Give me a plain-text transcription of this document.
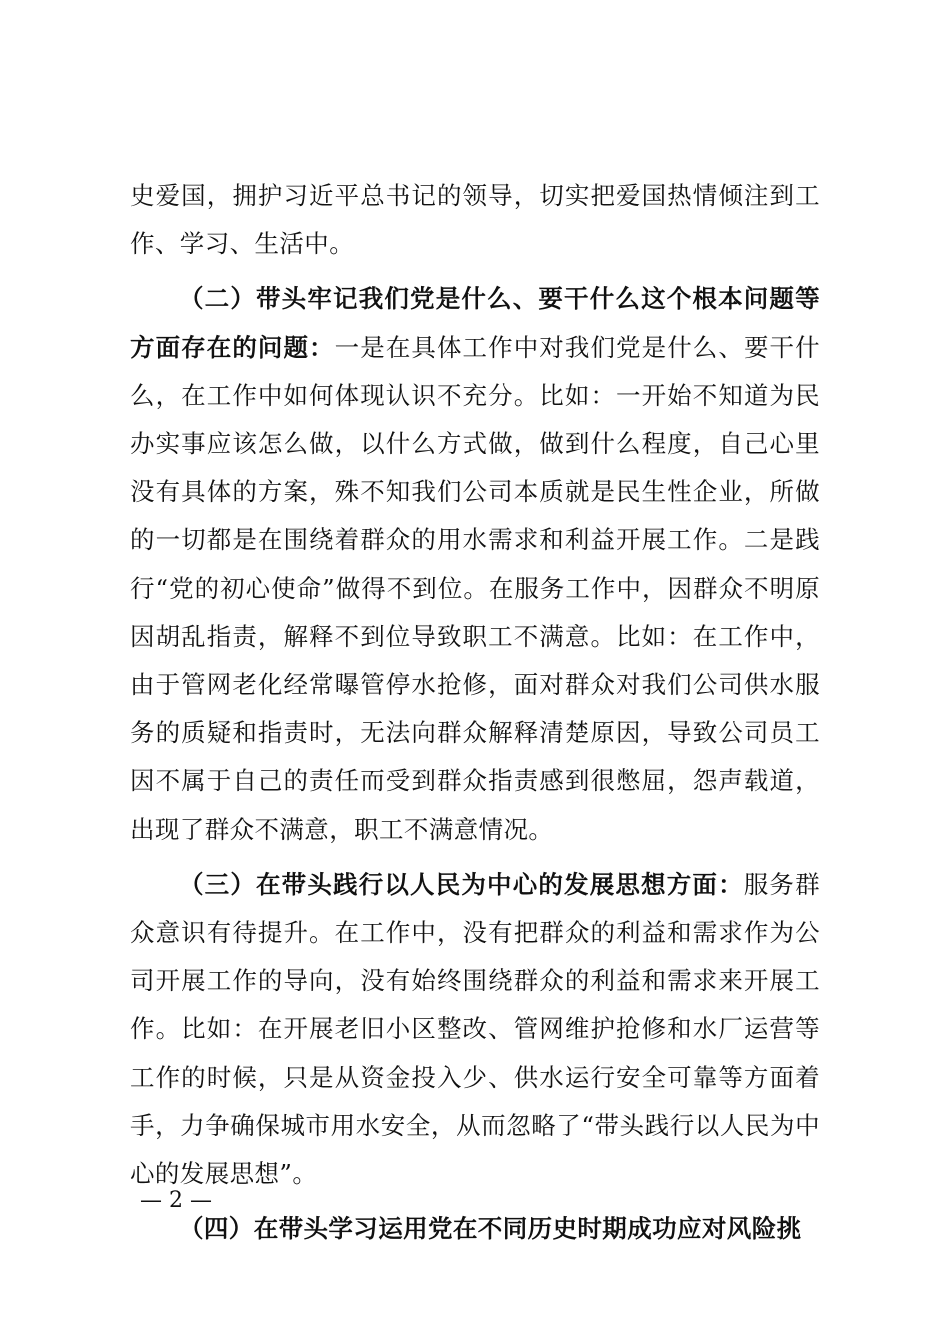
史爱国，拥护习近平总书记的领导，切实把爱国热情倾注到工作、学习、生活中。

（二）带头牢记我们党是什么、要干什么这个根本问题等方面存在的问题：一是在具体工作中对我们党是什么、要干什么，在工作中如何体现认识不充分。比如：一开始不知道为民办实事应该怎么做，以什么方式做，做到什么程度，自己心里没有具体的方案，殊不知我们公司本质就是民生性企业，所做的一切都是在围绕着群众的用水需求和利益开展工作。二是践行“党的初心使命”做得不到位。在服务工作中，因群众不明原因胡乱指责，解释不到位导致职工不满意。比如：在工作中，由于管网老化经常曝管停水抢修，面对群众对我们公司供水服务的质疑和指责时，无法向群众解释清楚原因，导致公司员工因不属于自己的责任而受到群众指责感到很憋屈，怨声载道，出现了群众不满意，职工不满意情况。

（三）在带头践行以人民为中心的发展思想方面：服务群众意识有待提升。在工作中，没有把群众的利益和需求作为公司开展工作的导向，没有始终围绕群众的利益和需求来开展工作。比如：在开展老旧小区整改、管网维护抢修和水厂运营等工作的时候，只是从资金投入少、供水运行安全可靠等方面着手，力争确保城市用水安全，从而忽略了“带头践行以人民为中心的发展思想”。

（四）在带头学习运用党在不同历史时期成功应对风险挑

— 2 —
